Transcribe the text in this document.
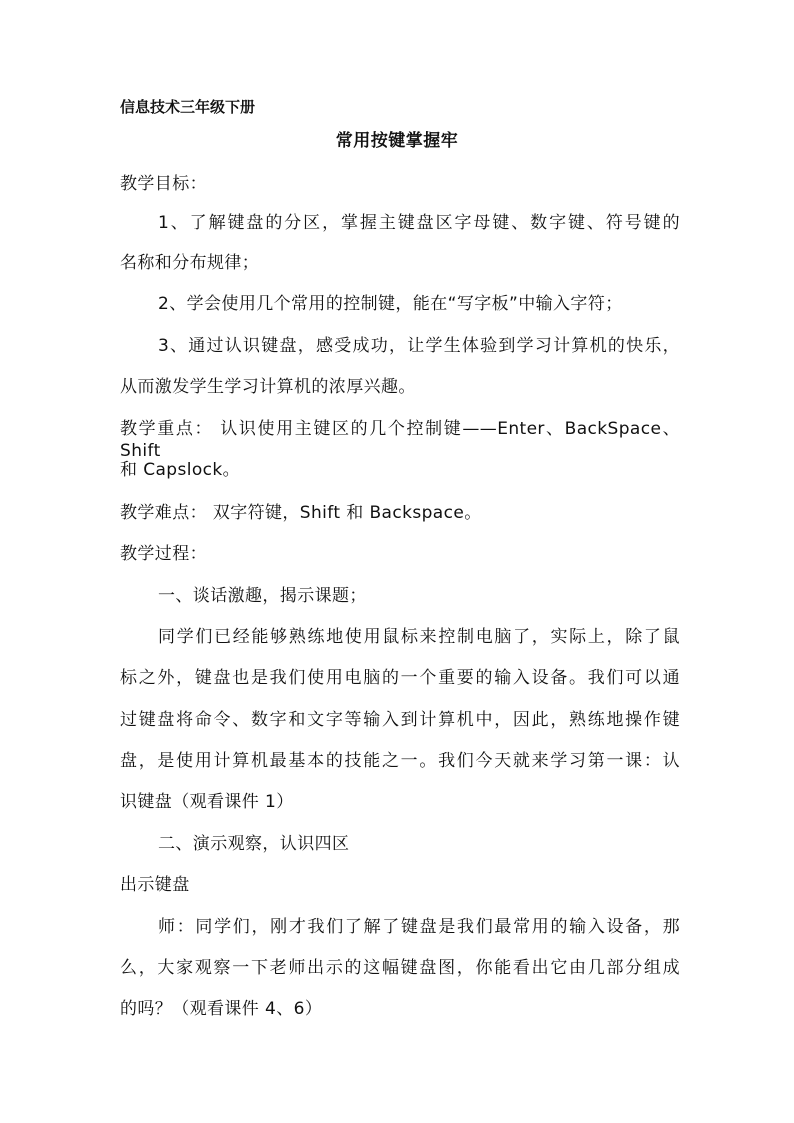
信息技术三年级下册
常用按键掌握牢
教学目标：
1、了解键盘的分区，掌握主键盘区字母键、数字键、符号键的
名称和分布规律；
2、学会使用几个常用的控制键，能在“写字板”中输入字符；
3、通过认识键盘，感受成功，让学生体验到学习计算机的快乐，
从而激发学生学习计算机的浓厚兴趣。
教学重点： 认识使用主键区的几个控制键——Enter、BackSpace、Shift
和 Capslock。
教学难点： 双字符键，Shift 和 Backspace。
教学过程：
一、谈话激趣，揭示课题；
同学们已经能够熟练地使用鼠标来控制电脑了，实际上，除了鼠
标之外，键盘也是我们使用电脑的一个重要的输入设备。我们可以通
过键盘将命令、数字和文字等输入到计算机中，因此，熟练地操作键
盘，是使用计算机最基本的技能之一。我们今天就来学习第一课：认
识键盘（观看课件 1）
二、演示观察，认识四区
出示键盘
师：同学们，刚才我们了解了键盘是我们最常用的输入设备，那
么，大家观察一下老师出示的这幅键盘图，你能看出它由几部分组成
的吗？（观看课件 4、6）
